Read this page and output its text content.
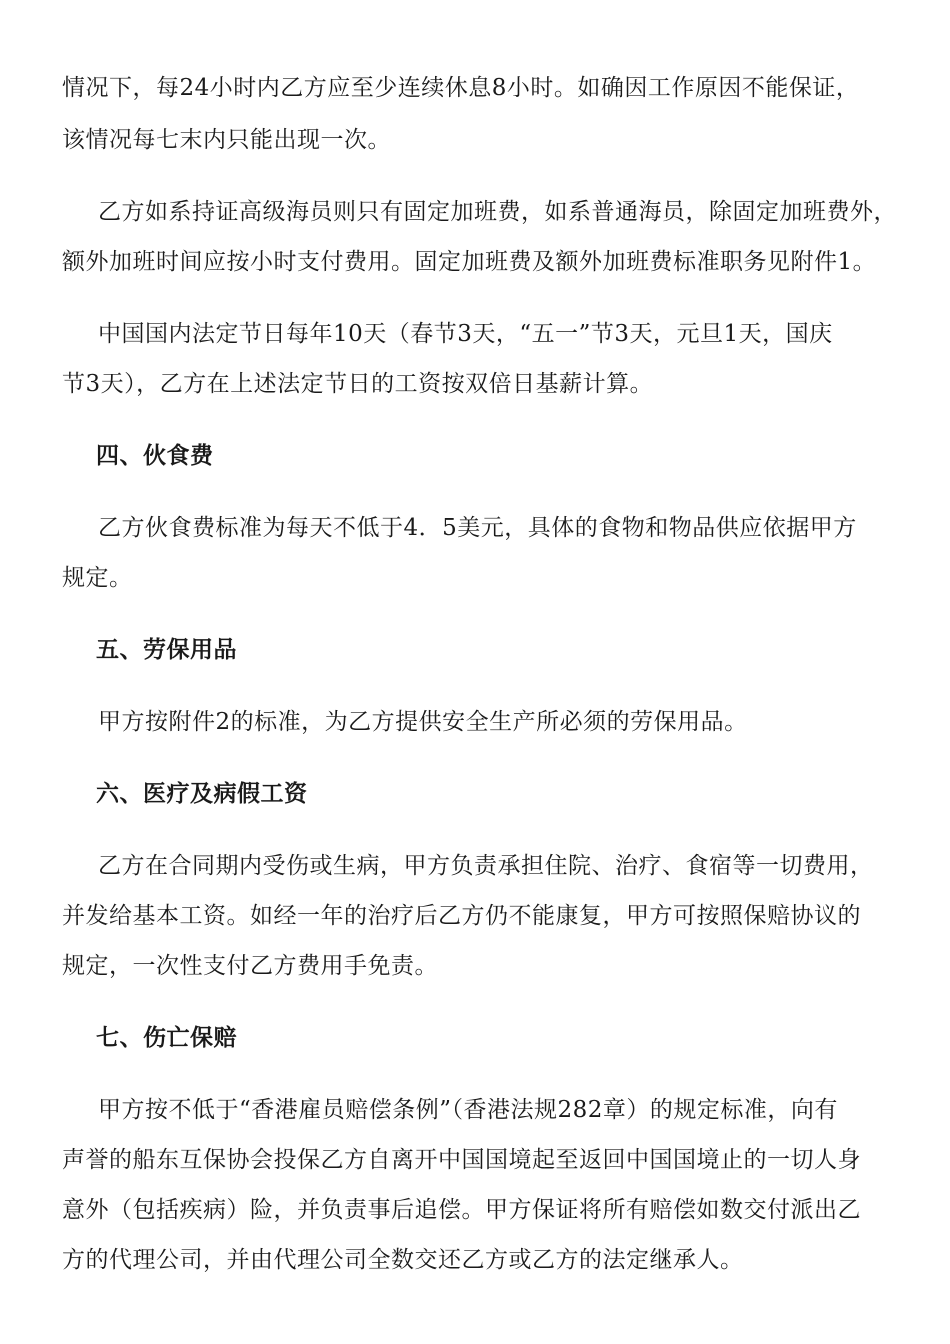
情况下，每24小时内乙方应至少连续休息8小时。如确因工作原因不能保证，
该情况每七末内只能出现一次。
乙方如系持证高级海员则只有固定加班费，如系普通海员，除固定加班费外，
额外加班时间应按小时支付费用。固定加班费及额外加班费标准职务见附件1。
中国国内法定节日每年10天（春节3天，“五一”节3天，元旦1天，国庆
节3天），乙方在上述法定节日的工资按双倍日基薪计算。
四、伙食费
乙方伙食费标准为每天不低于4．5美元，具体的食物和物品供应依据甲方
规定。
五、劳保用品
甲方按附件2的标准，为乙方提供安全生产所必须的劳保用品。
六、医疗及病假工资
乙方在合同期内受伤或生病，甲方负责承担住院、治疗、食宿等一切费用，
并发给基本工资。如经一年的治疗后乙方仍不能康复，甲方可按照保赔协议的
规定，一次性支付乙方费用手免责。
七、伤亡保赔
甲方按不低于“香港雇员赔偿条例”（香港法规282章）的规定标准，向有
声誉的船东互保协会投保乙方自离开中国国境起至返回中国国境止的一切人身
意外（包括疾病）险，并负责事后追偿。甲方保证将所有赔偿如数交付派出乙
方的代理公司，并由代理公司全数交还乙方或乙方的法定继承人。
